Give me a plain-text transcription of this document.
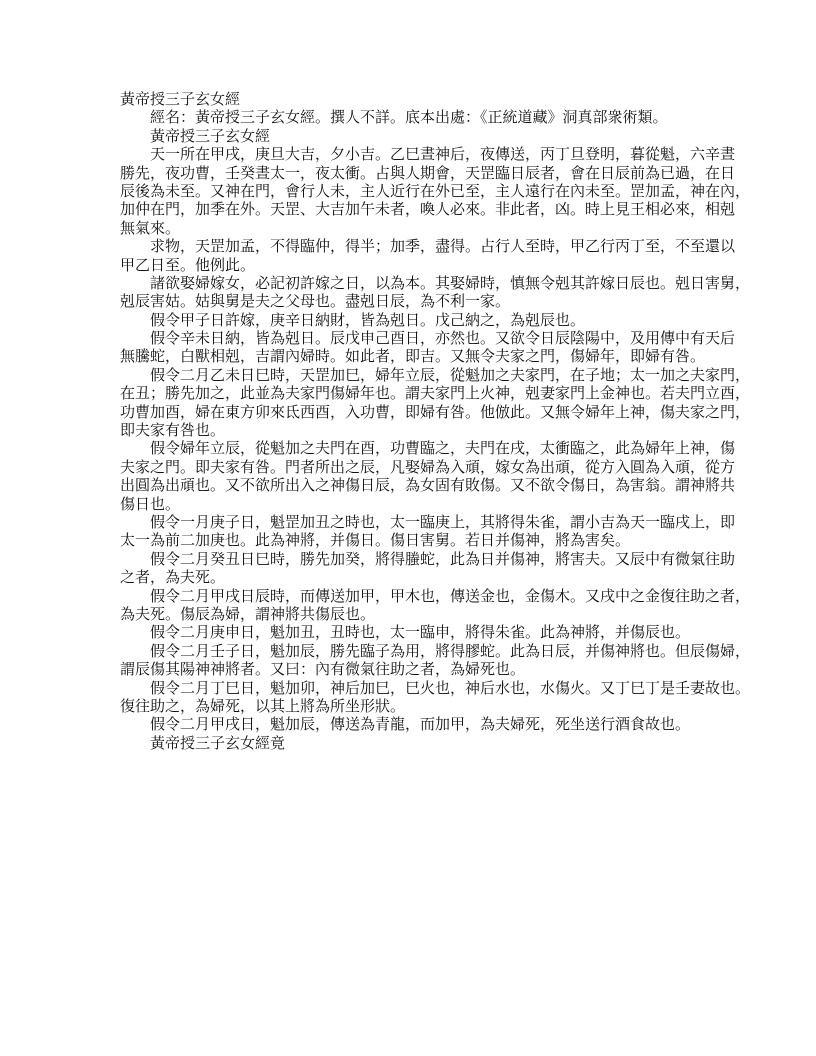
黃帝授三子玄女經
經名：黃帝授三子玄女經。撰人不詳。底本出處：《正統道藏》洞真部衆術類。
黃帝授三子玄女經
天一所在甲戌，庚旦大吉，夕小吉。乙巳晝神后，夜傳送，丙丁旦登明，暮從魁，六辛晝
勝先，夜功曹，壬癸晝太一，夜太衝。占與人期會，天罡臨日辰者，會在日辰前為已過，在日
辰後為未至。又神在門，會行人未，主人近行在外已至，主人遠行在內未至。罡加孟，神在內，
加仲在門，加季在外。天罡、大吉加午未者，喚人必來。非此者，凶。時上見王相必來，相剋
無氣來。
求物，天罡加孟，不得臨仲，得半；加季，盡得。占行人至時，甲乙行丙丁至，不至還以
甲乙日至。他例此。
諸欲娶婦嫁女，必記初許嫁之日，以為本。其娶婦時，慎無令剋其許嫁日辰也。剋日害舅，
剋辰害姑。姑與舅是夫之父母也。盡剋日辰，為不利一家。
假令甲子日許嫁，庚辛日納財，皆為剋日。戊己納之，為剋辰也。
假令辛未日納，皆為剋日。辰戊申己酉日，亦然也。又欲令日辰陰陽中，及用傳中有天后
無騰蛇，白獸相剋，吉謂內婦時。如此者，即吉。又無令夫家之門，傷婦年，即婦有咎。
假令二月乙未日巳時，天罡加巳，婦年立辰，從魁加之夫家門，在子地；太一加之夫家門，
在丑；勝先加之，此並為夫家門傷婦年也。謂夫家門上火神，剋妻家門上金神也。若夫門立酉，
功曹加酉，婦在東方卯來氐西酉，入功曹，即婦有咎。他倣此。又無令婦年上神，傷夫家之門，
即夫家有咎也。
假令婦年立辰，從魁加之夫門在酉，功曹臨之，夫門在戌，太衝臨之，此為婦年上神，傷
夫家之門。即夫家有咎。門者所出之辰，凡娶婦為入頑，嫁女為出頑，從方入圓為入頑，從方
出圓為出頑也。又不欲所出入之神傷日辰，為女固有敗傷。又不欲令傷日，為害翁。謂神將共
傷日也。
假令一月庚子日，魁罡加丑之時也，太一臨庚上，其將得朱雀，謂小吉為天一臨戌上，即
太一為前二加庚也。此為神將，并傷日。傷日害舅。若日并傷神，將為害矣。
假令二月癸丑日巳時，勝先加癸，將得螣蛇，此為日并傷神，將害夫。又辰中有微氣往助
之者，為夫死。
假令二月甲戌日辰時，而傳送加甲，甲木也，傳送金也，金傷木。又戌中之金復往助之者，
為夫死。傷辰為婦，謂神將共傷辰也。
假令二月庚申日，魁加丑，丑時也，太一臨申，將得朱雀。此為神將，并傷辰也。
假令二月壬子日，魁加辰，勝先臨子為用，將得膠蛇。此為日辰，并傷神將也。但辰傷婦，
謂辰傷其陽神神將者。又曰：內有微氣往助之者，為婦死也。
假令二月丁巳日，魁加卯，神后加巳，巳火也，神后水也，水傷火。又丁巳丁是壬妻故也。
復往助之，為婦死，以其上將為所坐形狀。
假令二月甲戌日，魁加辰，傳送為青龍，而加甲，為夫婦死，死坐送行酒食故也。
黃帝授三子玄女經竟
